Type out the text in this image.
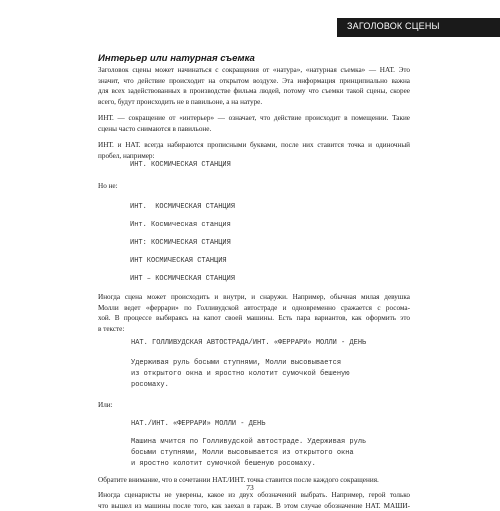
ЗАГОЛОВОК СЦЕНЫ
Интерьер или натурная съемка
Заголовок сцены может начинаться с сокращения от «натура», «натурная съемка» — НАТ. Это
значит, что действие происходит на открытом воздухе. Эта информация принципиально важна
для всех задействованных в производстве фильма людей, потому что съемки такой сцены, скорее
всего, будут происходить не в павильоне, а на натуре.
ИНТ. — сокращение от «интерьер» — означает, что действие происходит в помещении. Такие
сцены часто снимаются в павильоне.
ИНТ. и НАТ. всегда набираются прописными буквами, после них ставится точка и одиночный
пробел, например:
ИНТ. КОСМИЧЕСКАЯ СТАНЦИЯ
Но не:
ИНТ.  КОСМИЧЕСКАЯ СТАНЦИЯ
Инт. Космическая станция
ИНТ: КОСМИЧЕСКАЯ СТАНЦИЯ
ИНТ КОСМИЧЕСКАЯ СТАНЦИЯ
ИНТ – КОСМИЧЕСКАЯ СТАНЦИЯ
Иногда сцена может происходить и внутри, и снаружи. Например, обычная милая девушка
Молли ведет «феррари» по Голливудской автостраде и одновременно сражается с росома-
хой. В процессе выбираясь на капот своей машины. Есть пара вариантов, как оформить это
в тексте:
НАТ. ГОЛЛИВУДСКАЯ АВТОСТРАДА/ИНТ. «ФЕРРАРИ» МОЛЛИ - ДЕНЬ
Удерживая руль босыми ступнями, Молли высовывается
из открытого окна и яростно колотит сумочкой бешеную
росомаху.
Или:
НАТ./ИНТ. «ФЕРРАРИ» МОЛЛИ - ДЕНЬ
Машина мчится по Голливудской автостраде. Удерживая руль
босыми ступнями, Молли высовывается из открытого окна
и яростно колотит сумочкой бешеную росомаху.
Обратите внимание, что в сочетании НАТ./ИНТ. точка ставится после каждого сокращения.
Иногда сценаристы не уверены, какое из двух обозначений выбрать. Например, герой только
что вышел из машины после того, как заехал в гараж. В этом случае обозначение НАТ. МАШИ-
73
